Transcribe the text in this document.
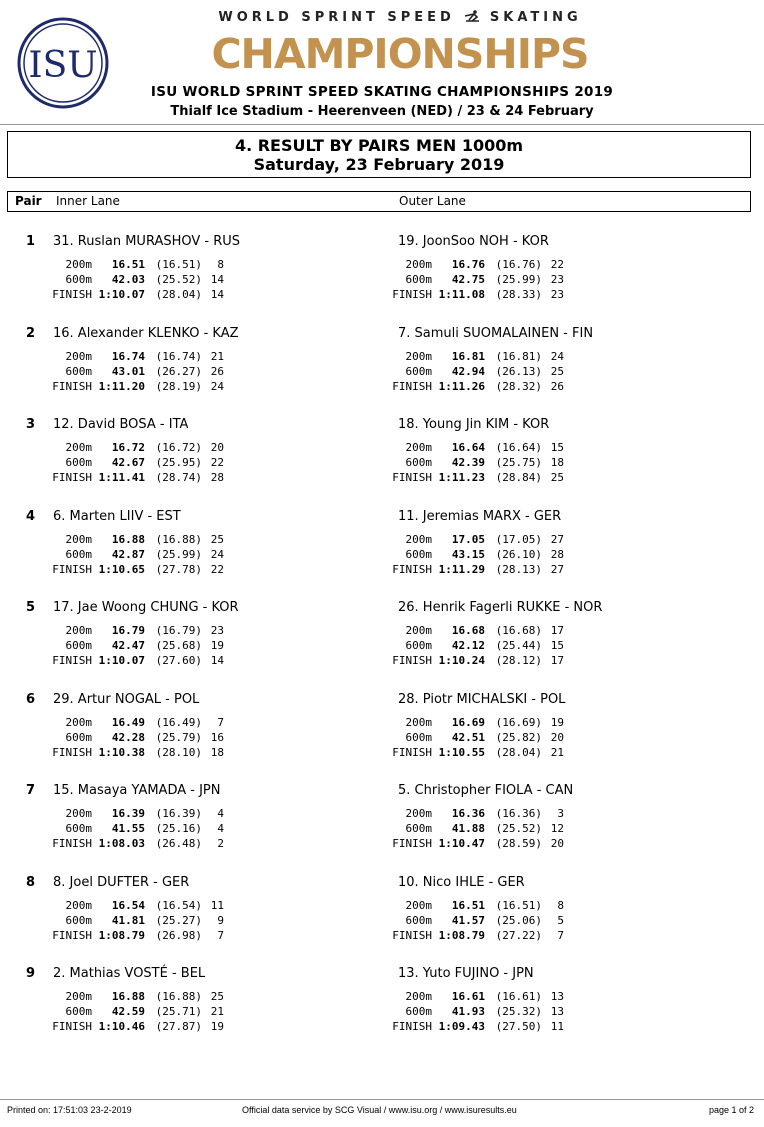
ISU
WORLD SPRINT SPEED	SKATING
CHAMPIONSHIPS
ISU WORLD SPRINT SPEED SKATING CHAMPIONSHIPS 2019
Thialf Ice Stadium - Heerenveen (NED) / 23 & 24 February
4. RESULT BY PAIRS MEN 1000m
Saturday, 23 February 2019
Pair Inner Lane	Outer Lane
1 31. Ruslan MURASHOV - RUS
200m	16.51 (16.51)	8
600m	42.03 (25.52) 14
FINISH 1:10.07 (28.04) 14
19. JoonSoo NOH - KOR
200m	16.76 (16.76) 22
600m	42.75 (25.99) 23
FINISH 1:11.08 (28.33) 23
2 16. Alexander KLENKO - KAZ
200m	16.74 (16.74) 21
600m	43.01 (26.27) 26
FINISH 1:11.20 (28.19) 24
7. Samuli SUOMALAINEN - FIN
200m	16.81 (16.81) 24
600m	42.94 (26.13) 25
FINISH 1:11.26 (28.32) 26
3 12. David BOSA - ITA
200m	16.72 (16.72) 20
600m	42.67 (25.95) 22
FINISH 1:11.41 (28.74) 28
18. Young Jin KIM - KOR
200m	16.64 (16.64) 15
600m	42.39 (25.75) 18
FINISH 1:11.23 (28.84) 25
4 6. Marten LIIV - EST
200m	16.88 (16.88) 25
600m	42.87 (25.99) 24
FINISH 1:10.65 (27.78) 22
11. Jeremias MARX - GER
200m	17.05 (17.05) 27
600m	43.15 (26.10) 28
FINISH 1:11.29 (28.13) 27
5 17. Jae Woong CHUNG - KOR
200m	16.79 (16.79) 23
600m	42.47 (25.68) 19
FINISH 1:10.07 (27.60) 14
26. Henrik Fagerli RUKKE - NOR
200m	16.68 (16.68) 17
600m	42.12 (25.44) 15
FINISH 1:10.24 (28.12) 17
6 29. Artur NOGAL - POL
200m	16.49 (16.49)	7
600m	42.28 (25.79) 16
FINISH 1:10.38 (28.10) 18
28. Piotr MICHALSKI - POL
200m	16.69 (16.69) 19
600m	42.51 (25.82) 20
FINISH 1:10.55 (28.04) 21
7 15. Masaya YAMADA - JPN
200m	16.39 (16.39)	4
600m	41.55 (25.16)	4
FINISH 1:08.03 (26.48)	2
5. Christopher FIOLA - CAN
200m	16.36 (16.36)	3
600m	41.88 (25.52) 12
FINISH 1:10.47 (28.59) 20
8 8. Joel DUFTER - GER
200m	16.54 (16.54) 11
600m	41.81 (25.27)	9
FINISH 1:08.79 (26.98)	7
10. Nico IHLE - GER
200m	16.51 (16.51)	8
600m	41.57 (25.06)	5
FINISH 1:08.79 (27.22)	7
9 2. Mathias VOSTÉ - BEL
200m	16.88 (16.88) 25
600m	42.59 (25.71) 21
FINISH 1:10.46 (27.87) 19
13. Yuto FUJINO - JPN
200m	16.61 (16.61) 13
600m	41.93 (25.32) 13
FINISH 1:09.43 (27.50) 11
Printed on: 17:51:03 23-2-2019	Official data service by SCG Visual / www.isu.org / www.isuresults.eu	page 1 of 2
